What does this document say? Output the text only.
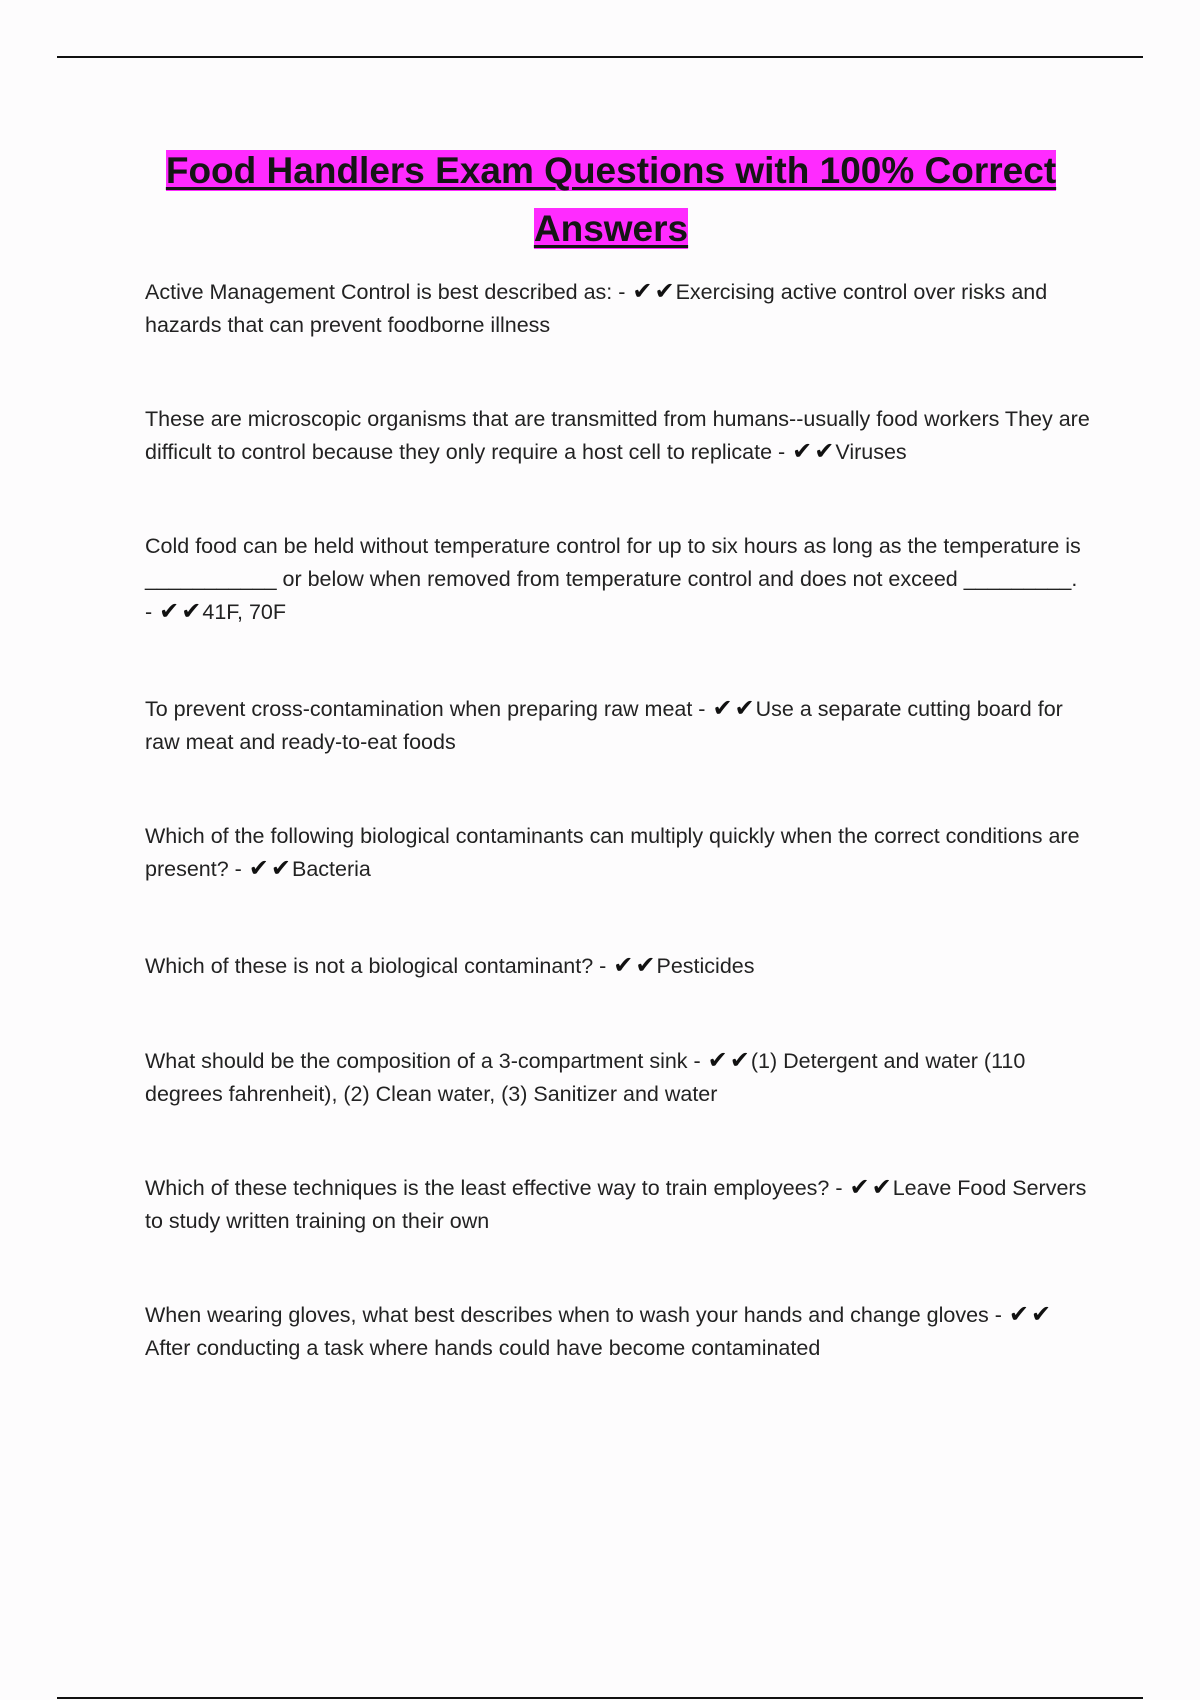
Food Handlers Exam Questions with 100% Correct Answers

Active Management Control is best described as: - ✔✔Exercising active control over risks and hazards that can prevent foodborne illness

These are microscopic organisms that are transmitted from humans--usually food workers They are difficult to control because they only require a host cell to replicate - ✔✔Viruses

Cold food can be held without temperature control for up to six hours as long as the temperature is ___________ or below when removed from temperature control and does not exceed _________. - ✔✔41F, 70F

To prevent cross-contamination when preparing raw meat - ✔✔Use a separate cutting board for raw meat and ready-to-eat foods

Which of the following biological contaminants can multiply quickly when the correct conditions are present? - ✔✔Bacteria

Which of these is not a biological contaminant? - ✔✔Pesticides

What should be the composition of a 3-compartment sink - ✔✔(1) Detergent and water (110 degrees fahrenheit), (2) Clean water, (3) Sanitizer and water

Which of these techniques is the least effective way to train employees? - ✔✔Leave Food Servers to study written training on their own

When wearing gloves, what best describes when to wash your hands and change gloves - ✔✔After conducting a task where hands could have become contaminated
